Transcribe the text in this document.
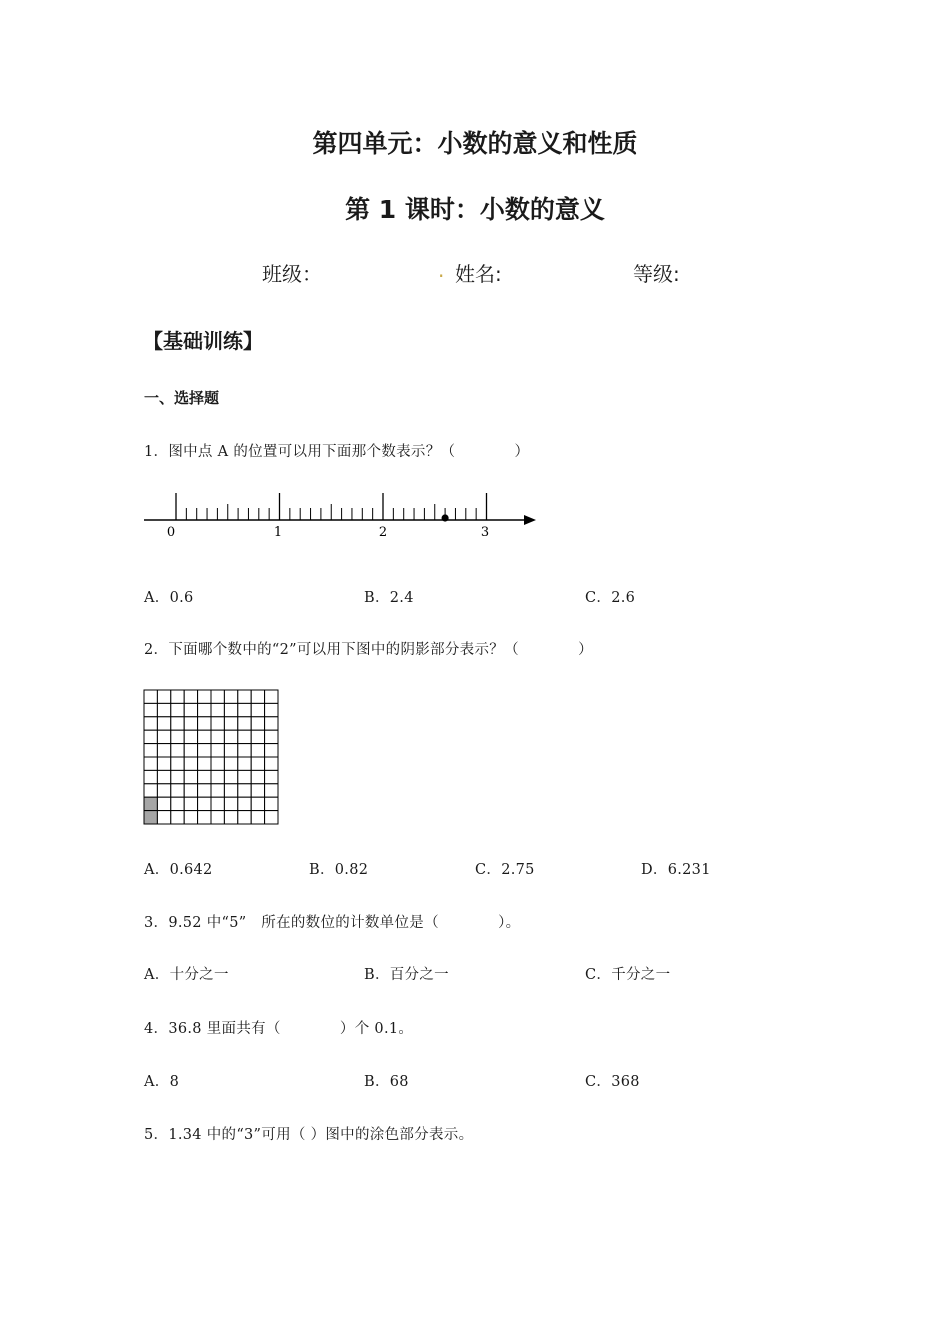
第四单元：小数的意义和性质
第 1 课时：小数的意义
班级：	. 姓名:	等级:
【基础训练】
一、选择题
1．图中点 A 的位置可以用下面那个数表示？（　　　　）
0	1	2	3
A．0.6	B．2.4	C．2.6
2．下面哪个数中的“2”可以用下图中的阴影部分表示？（　　　　）
A．0.642	B．0.82	C．2.75	D．6.231
3．9.52 中“5”　所在的数位的计数单位是（　　　　）。
A．十分之一	B．百分之一	C．千分之一
4．36.8 里面共有（　　　　）个 0.1。
A．8	B．68	C．368
5．1.34 中的“3”可用（ ）图中的涂色部分表示。
